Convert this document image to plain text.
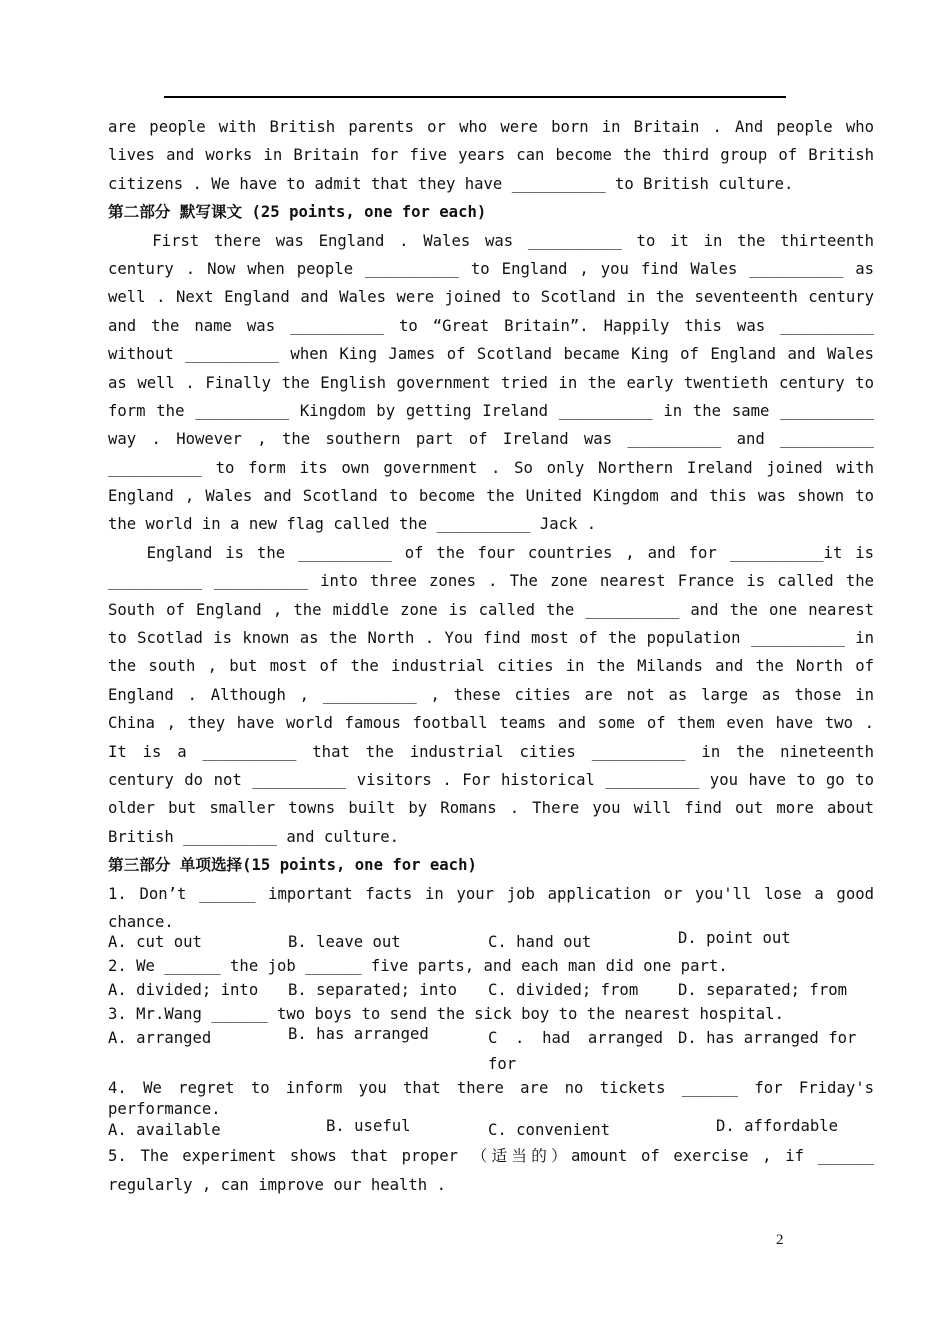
are people with British parents or who were born in Britain . And people who
lives and works in Britain for five years can become the third group of British
citizens . We have to admit that they have __________ to British culture.
第二部分 默写课文 (25 points, one for each)
First there was England . Wales was __________ to it in the thirteenth
century . Now when people __________ to England , you find Wales __________ as
well . Next England and Wales were joined to Scotland in the seventeenth century
and the name was __________ to “Great Britain”. Happily this was __________
without __________ when King James of Scotland became King of England and Wales
as well . Finally the English government tried in the early twentieth century to
form the __________ Kingdom by getting Ireland __________ in the same __________
way . However , the southern part of Ireland was __________ and __________
__________ to form its own government . So only Northern Ireland joined with
England , Wales and Scotland to become the United Kingdom and this was shown to
the world in a new flag called the __________ Jack .
England is the __________ of the four countries , and for __________it is
__________ __________ into three zones . The zone nearest France is called the
South of England , the middle zone is called the __________ and the one nearest
to Scotlad is known as the North . You find most of the population __________ in
the south , but most of the industrial cities in the Milands and the North of
England . Although , __________ , these cities are not as large as those in
China , they have world famous football teams and some of them even have two .
It is a __________ that the industrial cities __________ in the nineteenth
century do not __________ visitors . For historical __________ you have to go to
older but smaller towns built by Romans . There you will find out more about
British __________ and culture.
第三部分 单项选择(15 points, one for each)
1. Don’t ______ important facts in your job application or you'll lose a good
chance.
A. cut out	B. leave out	C. hand out	D. point out
2. We ______ the job ______ five parts, and each man did one part.
A. divided; into B. separated; into C. divided; from	D. separated; from
3. Mr.Wang ______ two boys to send the sick boy to the nearest hospital.
A. arranged	B. has arranged	C . had arranged
for
D. has arranged for
4. We regret to inform you that there are no tickets ______ for Friday's
performance.
A. available	B. useful	C. convenient	D. affordable
5. The experiment shows that proper （适当的）amount of exercise , if ______
regularly , can improve our health .
2
